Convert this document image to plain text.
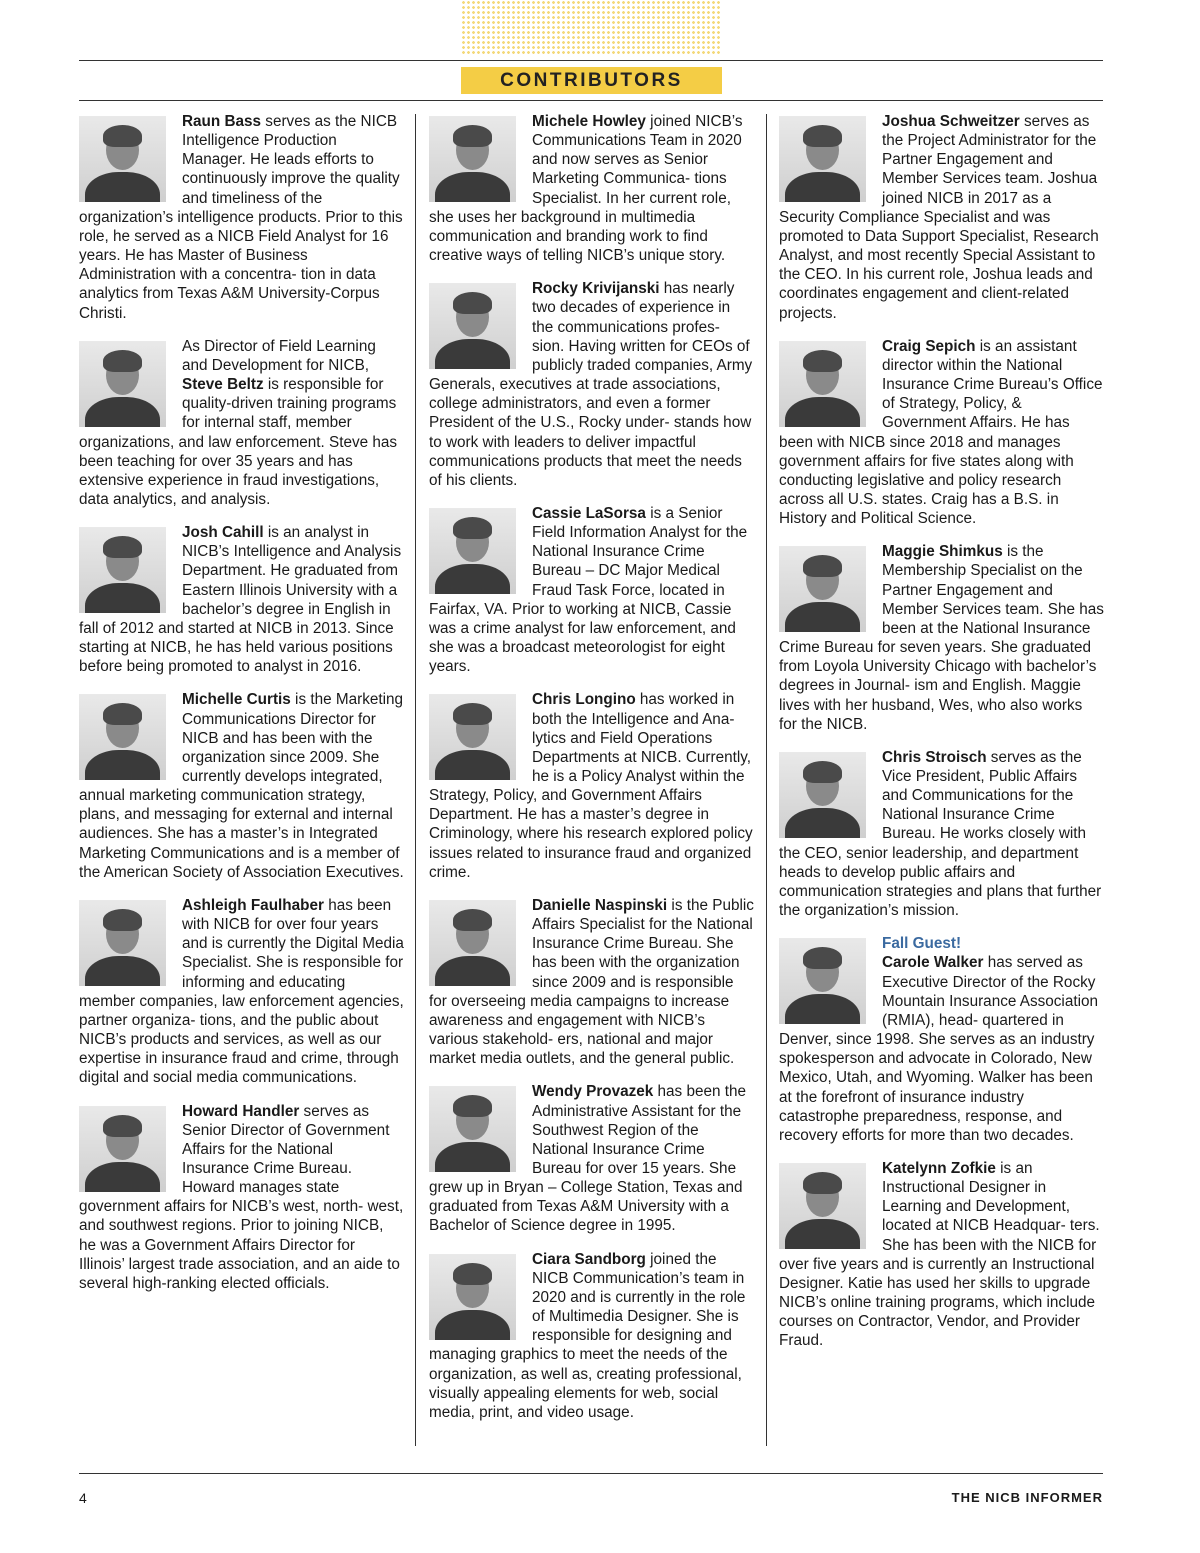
CONTRIBUTORS
Raun Bass serves as the NICB Intelligence Production Manager. He leads efforts to continuously improve the quality and timeliness of the organization’s intelligence products. Prior to this role, he served as a NICB Field Analyst for 16 years. He has Master of Business Administration with a concentra- tion in data analytics from Texas A&M University-Corpus Christi.
As Director of Field Learning and Development for NICB, Steve Beltz is responsible for quality-driven training programs for internal staff, member organizations, and law enforcement. Steve has been teaching for over 35 years and has extensive experience in fraud investigations, data analytics, and analysis.
Josh Cahill is an analyst in NICB’s Intelligence and Analysis Department. He graduated from Eastern Illinois University with a bachelor’s degree in English in fall of 2012 and started at NICB in 2013. Since starting at NICB, he has held various positions before being promoted to analyst in 2016.
Michelle Curtis is the Marketing Communications Director for NICB and has been with the organization since 2009. She currently develops integrated, annual marketing communication strategy, plans, and messaging for external and internal audiences. She has a master’s in Integrated Marketing Communications and is a member of the American Society of Association Executives.
Ashleigh Faulhaber has been with NICB for over four years and is currently the Digital Media Specialist. She is responsible for informing and educating member companies, law enforcement agencies, partner organiza- tions, and the public about NICB’s products and services, as well as our expertise in insurance fraud and crime, through digital and social media communications.
Howard Handler serves as Senior Director of Government Affairs for the National Insurance Crime Bureau. Howard manages state government affairs for NICB’s west, north- west, and southwest regions. Prior to joining NICB, he was a Government Affairs Director for Illinois’ largest trade association, and an aide to several high-ranking elected officials.
Michele Howley joined NICB’s Communications Team in 2020 and now serves as Senior Marketing Communica- tions Specialist. In her current role, she uses her background in multimedia communication and branding work to find creative ways of telling NICB’s unique story.
Rocky Krivijanski has nearly two decades of experience in the communications profes- sion. Having written for CEOs of publicly traded companies, Army Generals, executives at trade associations, college administrators, and even a former President of the U.S., Rocky under- stands how to work with leaders to deliver impactful communications products that meet the needs of his clients.
Cassie LaSorsa is a Senior Field Information Analyst for the National Insurance Crime Bureau – DC Major Medical Fraud Task Force, located in Fairfax, VA. Prior to working at NICB, Cassie was a crime analyst for law enforcement, and she was a broadcast meteorologist for eight years.
Chris Longino has worked in both the Intelligence and Ana- lytics and Field Operations Departments at NICB. Currently, he is a Policy Analyst within the Strategy, Policy, and Government Affairs Department. He has a master’s degree in Criminology, where his research explored policy issues related to insurance fraud and organized crime.
Danielle Naspinski is the Public Affairs Specialist for the National Insurance Crime Bureau. She has been with the organization since 2009 and is responsible for overseeing media campaigns to increase awareness and engagement with NICB’s various stakehold- ers, national and major market media outlets, and the general public.
Wendy Provazek has been the Administrative Assistant for the Southwest Region of the National Insurance Crime Bureau for over 15 years. She grew up in Bryan – College Station, Texas and graduated from Texas A&M University with a Bachelor of Science degree in 1995.
Ciara Sandborg joined the NICB Communication’s team in 2020 and is currently in the role of Multimedia Designer. She is responsible for designing and managing graphics to meet the needs of the organization, as well as, creating professional, visually appealing elements for web, social media, print, and video usage.
Joshua Schweitzer serves as the Project Administrator for the Partner Engagement and Member Services team. Joshua joined NICB in 2017 as a Security Compliance Specialist and was promoted to Data Support Specialist, Research Analyst, and most recently Special Assistant to the CEO. In his current role, Joshua leads and coordinates engagement and client-related projects.
Craig Sepich is an assistant director within the National Insurance Crime Bureau’s Office of Strategy, Policy, & Government Affairs. He has been with NICB since 2018 and manages government affairs for five states along with conducting legislative and policy research across all U.S. states. Craig has a B.S. in History and Political Science.
Maggie Shimkus is the Membership Specialist on the Partner Engagement and Member Services team. She has been at the National Insurance Crime Bureau for seven years. She graduated from Loyola University Chicago with bachelor’s degrees in Journal- ism and English. Maggie lives with her husband, Wes, who also works for the NICB.
Chris Stroisch serves as the Vice President, Public Affairs and Communications for the National Insurance Crime Bureau. He works closely with the CEO, senior leadership, and department heads to develop public affairs and communication strategies and plans that further the organization’s mission.
Fall Guest!
Carole Walker has served as Executive Director of the Rocky Mountain Insurance Association (RMIA), head- quartered in Denver, since 1998. She serves as an industry spokesperson and advocate in Colorado, New Mexico, Utah, and Wyoming. Walker has been at the forefront of insurance industry catastrophe preparedness, response, and recovery efforts for more than two decades.
Katelynn Zofkie is an Instructional Designer in Learning and Development, located at NICB Headquar- ters. She has been with the NICB for over five years and is currently an Instructional Designer. Katie has used her skills to upgrade NICB’s online training programs, which include courses on Contractor, Vendor, and Provider Fraud.
4	THE NICB INFORMER
